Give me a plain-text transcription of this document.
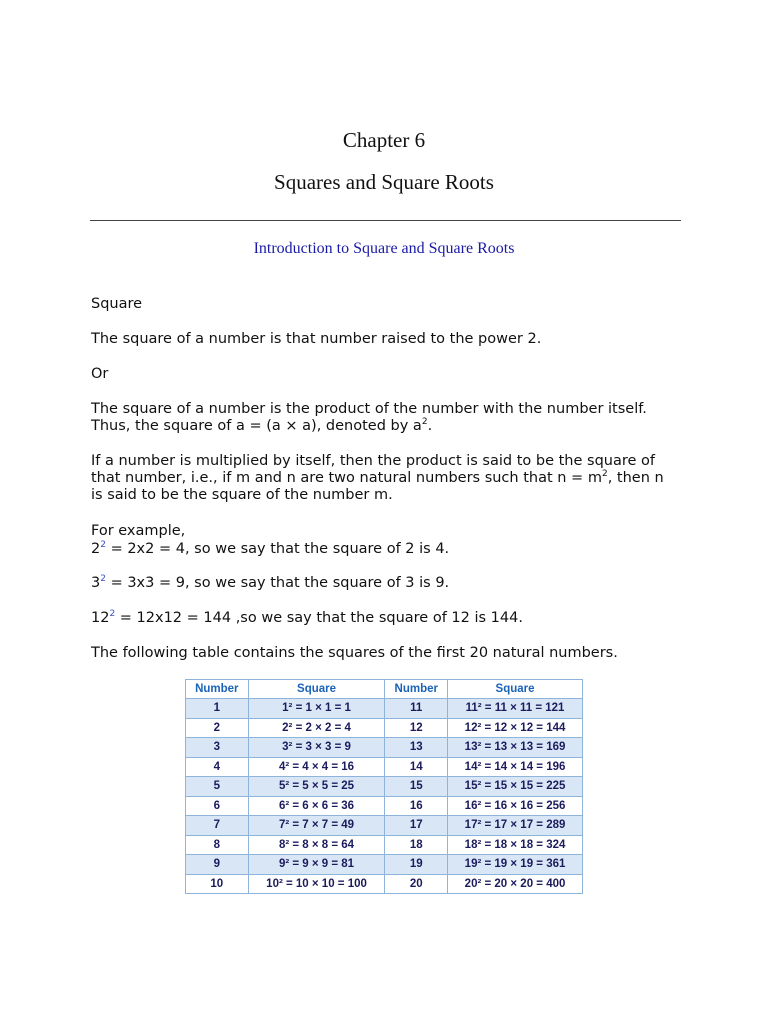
Chapter 6
Squares and Square Roots
Introduction to Square and Square Roots
Square
The square of a number is that number raised to the power 2.
Or
The square of a number is the product of the number with the number itself.
Thus, the square of a = (a × a), denoted by $a^2$.
If a number is multiplied by itself, then the product is said to be the square of
that number, i.e., if m and n are two natural numbers such that $n = m^2$, then n
is said to be the square of the number m.
For example,
$2^2 = 2x2 = 4$, so we say that the square of 2 is 4.
$3^2 = 3x3 = 9$, so we say that the square of 3 is 9.
$12^2 = 12x12 = 144$ ,so we say that the square of 12 is 144.
The following table contains the squares of the first 20 natural numbers.
Number	Square	Number	Square
1	1² = 1 × 1 = 1	11	11² = 11 × 11 = 121
2	2² = 2 × 2 = 4	12	12² = 12 × 12 = 144
3	3² = 3 × 3 = 9	13	13² = 13 × 13 = 169
4	4² = 4 × 4 = 16	14	14² = 14 × 14 = 196
5	5² = 5 × 5 = 25	15	15² = 15 × 15 = 225
6	6² = 6 × 6 = 36	16	16² = 16 × 16 = 256
7	7² = 7 × 7 = 49	17	17² = 17 × 17 = 289
8	8² = 8 × 8 = 64	18	18² = 18 × 18 = 324
9	9² = 9 × 9 = 81	19	19² = 19 × 19 = 361
10	10² = 10 × 10 = 100	20	20² = 20 × 20 = 400
